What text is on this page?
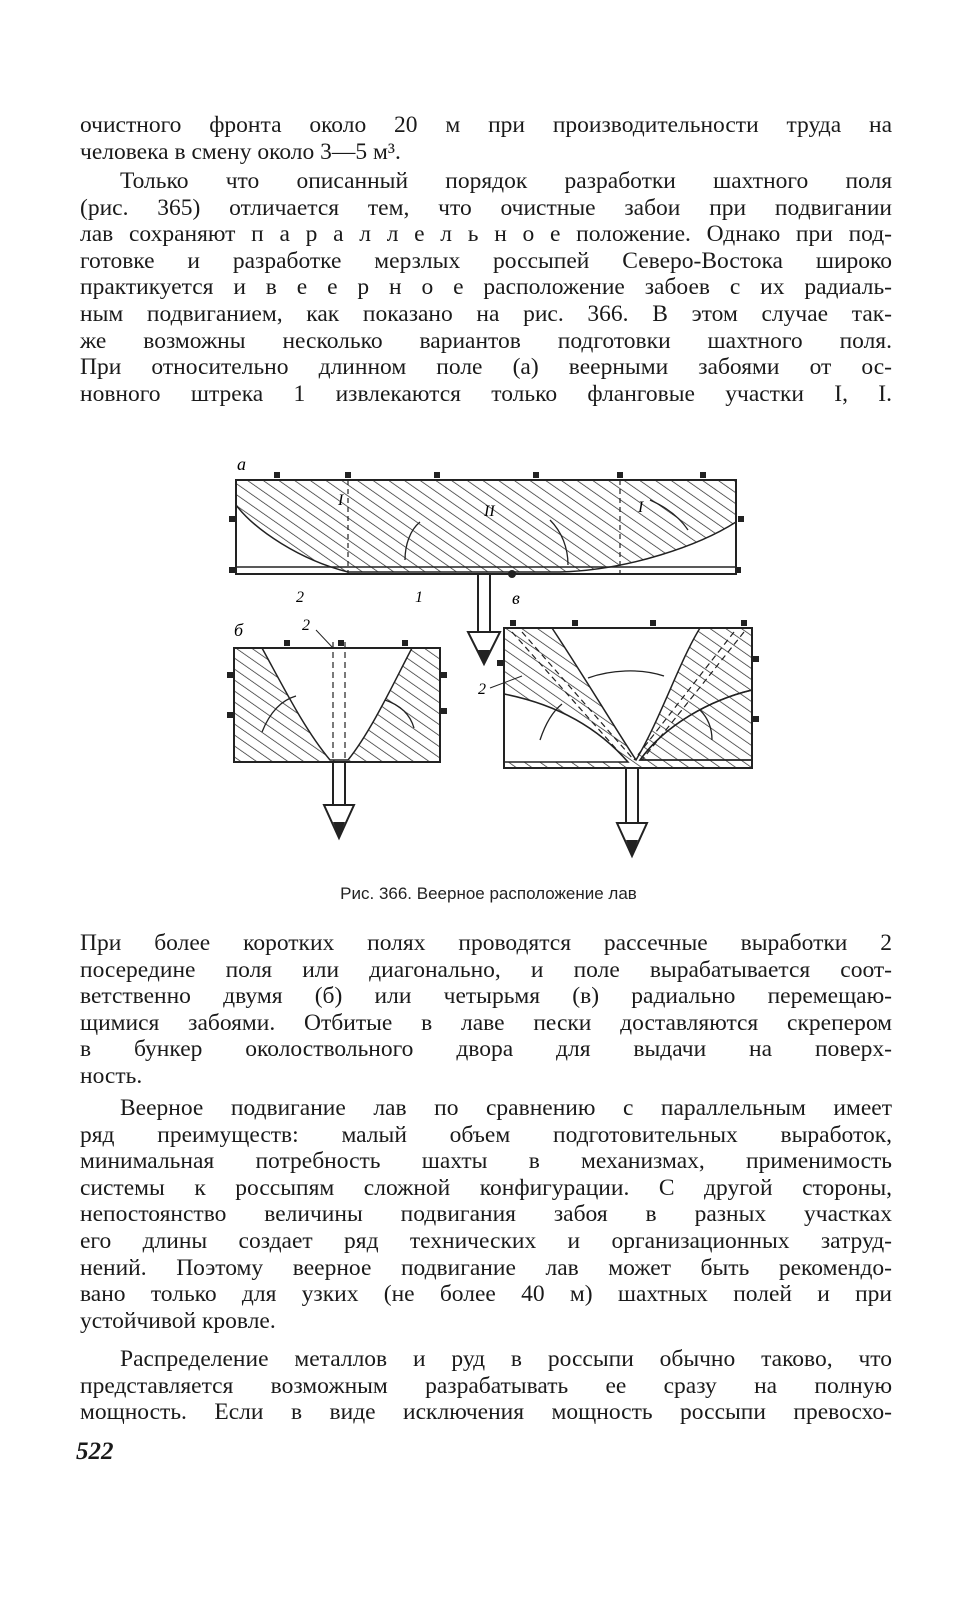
очистного фронта около 20 м при производительности труда на
человека в смену около 3—5 м³.
Только что описанный порядок разработки шахтного поля
(рис. 365) отличается тем, что очистные забои при подвигании
лав сохраняют п а р а л л е л ь н о е положение. Однако при под-
готовке и разработке мерзлых россыпей Северо-Востока широко
практикуется и в е е р н о е расположение забоев с их радиаль-
ным подвиганием, как показано на рис. 366. В этом случае так-
же возможны несколько вариантов подготовки шахтного поля.
При относительно длинном поле (а) веерными забоями от ос-
новного штрека 1 извлекаются только фланговые участки I, I.
а
I
II	I
2	1	в
б	2
2
Рис. 366. Веерное расположение лав
При более коротких полях проводятся рассечные выработки 2
посередине поля или диагонально, и поле вырабатывается соот-
ветственно двумя (б) или четырьмя (в) радиально перемещаю-
щимися забоями. Отбитые в лаве пески доставляются скрепером
в бункер околоствольного двора для выдачи на поверх-
ность.
Веерное подвигание лав по сравнению с параллельным имеет
ряд преимуществ: малый объем подготовительных выработок,
минимальная потребность шахты в механизмах, применимость
системы к россыпям сложной конфигурации. С другой стороны,
непостоянство величины подвигания забоя в разных участках
его длины создает ряд технических и организационных затруд-
нений. Поэтому веерное подвигание лав может быть рекомендо-
вано только для узких (не более 40 м) шахтных полей и при
устойчивой кровле.
Распределение металлов и руд в россыпи обычно таково, что
представляется возможным разрабатывать ее сразу на полную
мощность. Если в виде исключения мощность россыпи превосхо-
522
